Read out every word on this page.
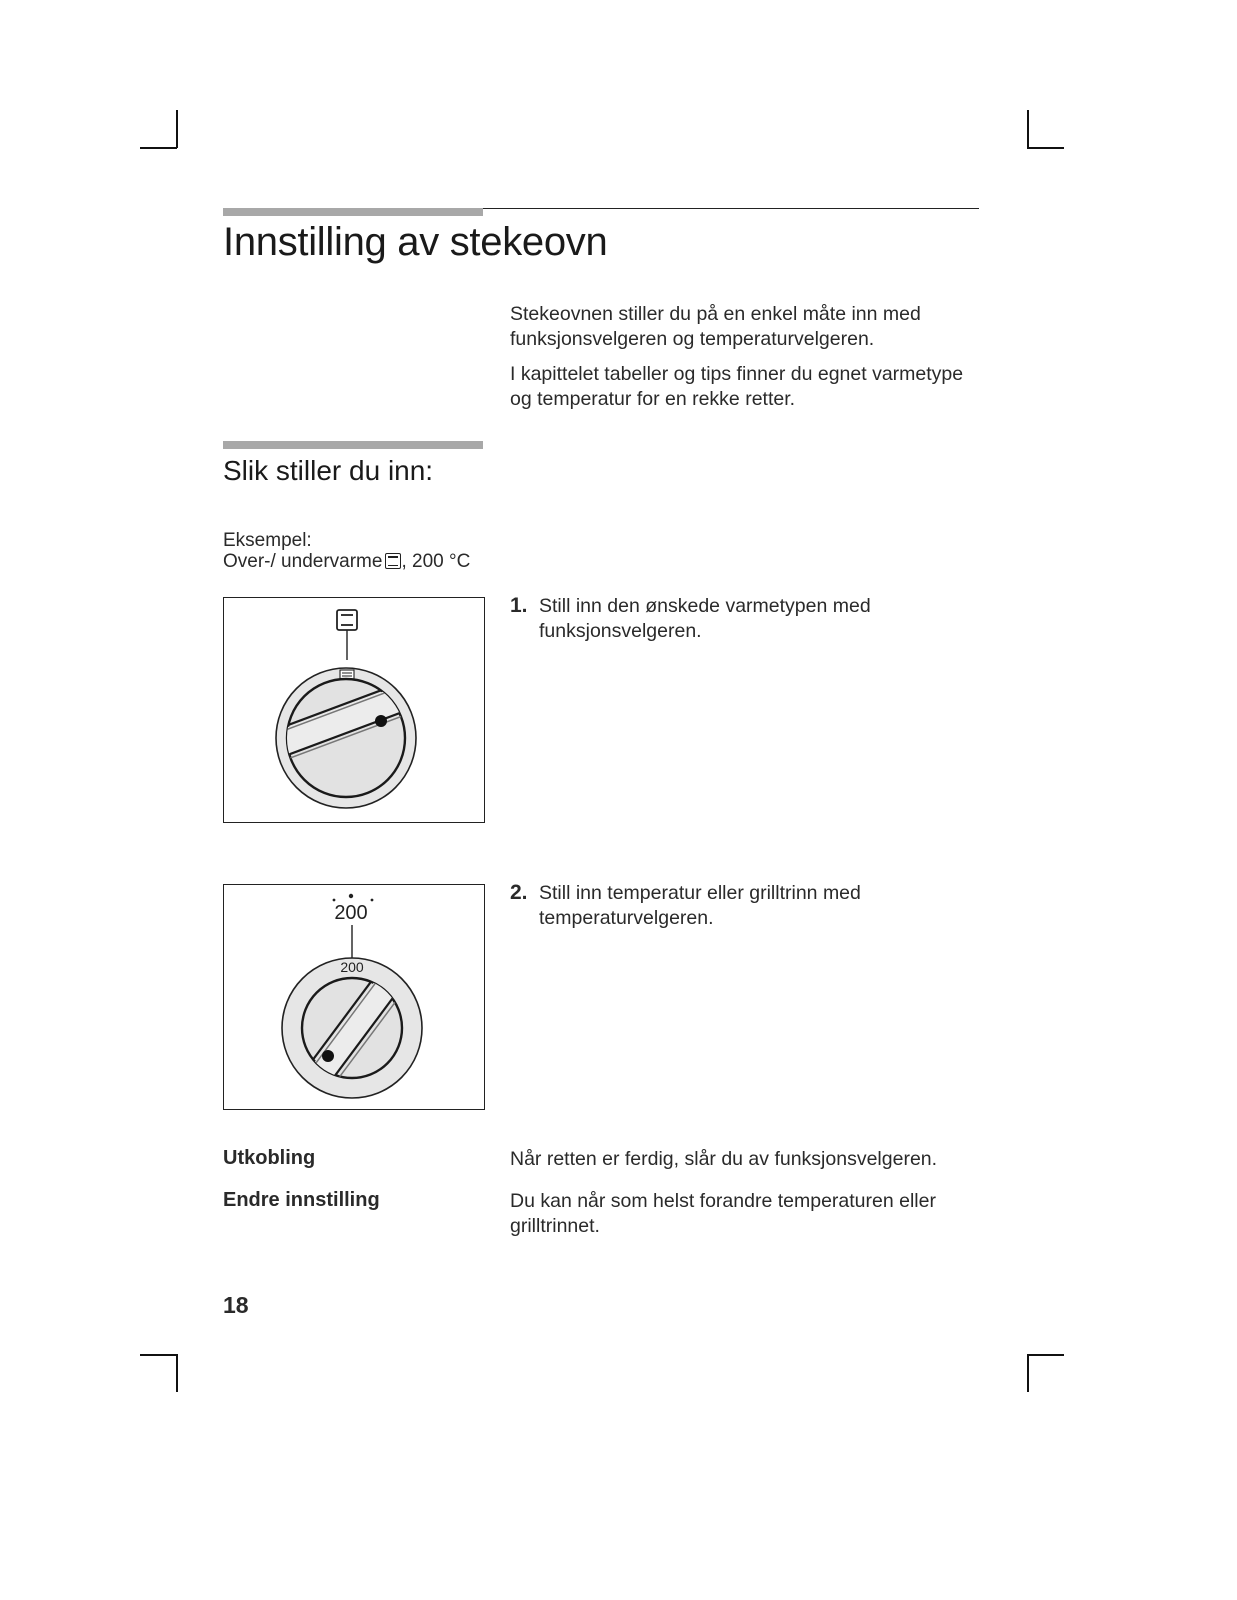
Innstilling av stekeovn

Stekeovnen stiller du på en enkel måte inn med funksjonsvelgeren og temperaturvelgeren.

I kapittelet tabeller og tips finner du egnet varmetype og temperatur for en rekke retter.

Slik stiller du inn:
Eksempel:
Over-/ undervarme , 200 °C
1. Still inn den ønskede varmetypen med funksjonsvelgeren.

200
200
2. Still inn temperatur eller grilltrinn med temperaturvelgeren.

Utkobling	Når retten er ferdig, slår du av funksjonsvelgeren.

Endre innstilling	Du kan når som helst forandre temperaturen eller grilltrinnet.

18
